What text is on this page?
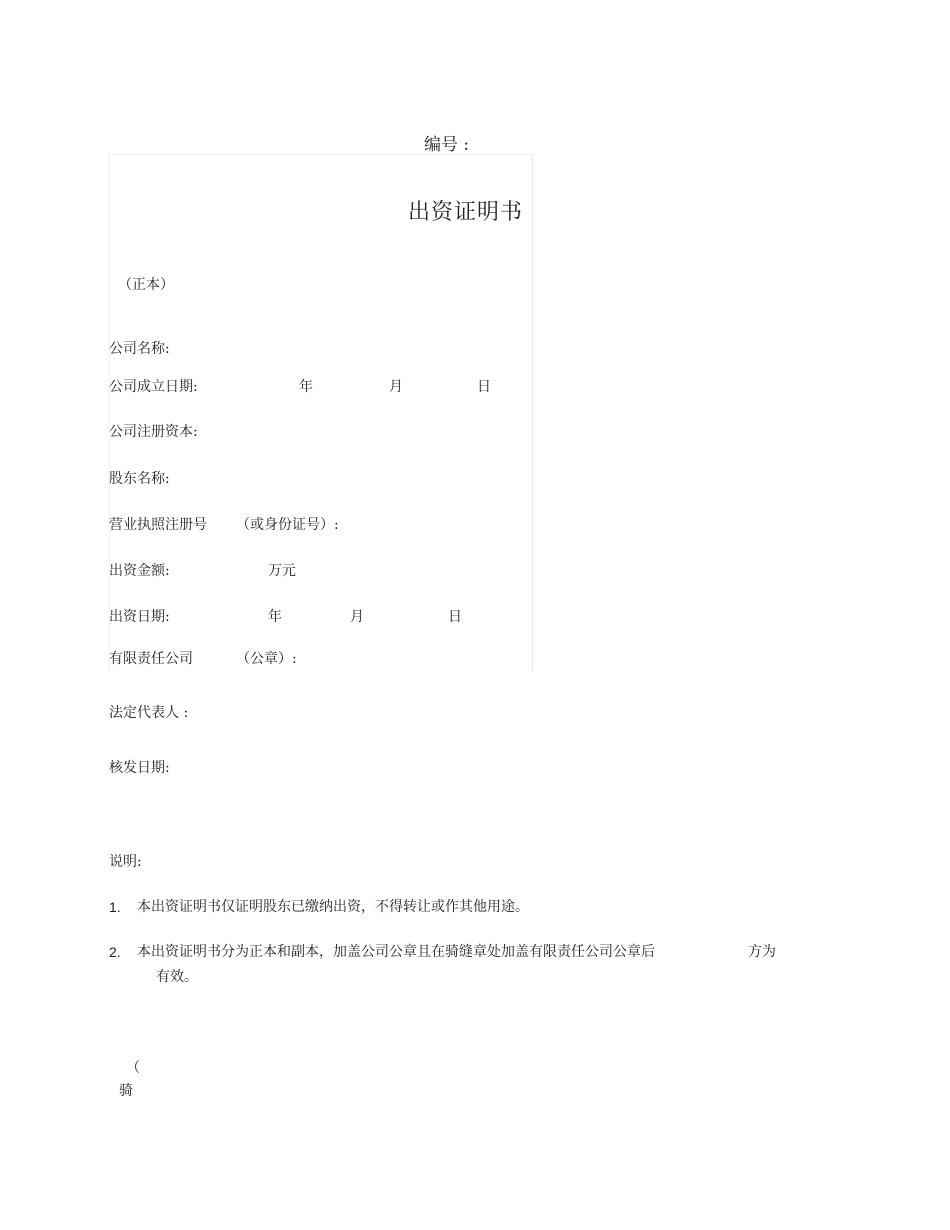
编号 :
出资证明书
（正本）
公司名称:
公司成立日期:	年	月	日
公司注册资本:
股东名称:
营业执照注册号 （或身份证号）:
出资金额:	万元
出资日期:	年	月	日
有限责任公司	（公章）:
法定代表人 :
核发日期:
说明:
1. 本出资证明书仅证明股东已缴纳出资，不得转让或作其他用途。
2. 本出资证明书分为正本和副本，加盖公司公章且在骑缝章处加盖有限责任公司公章后	方为
有效。
（
骑
